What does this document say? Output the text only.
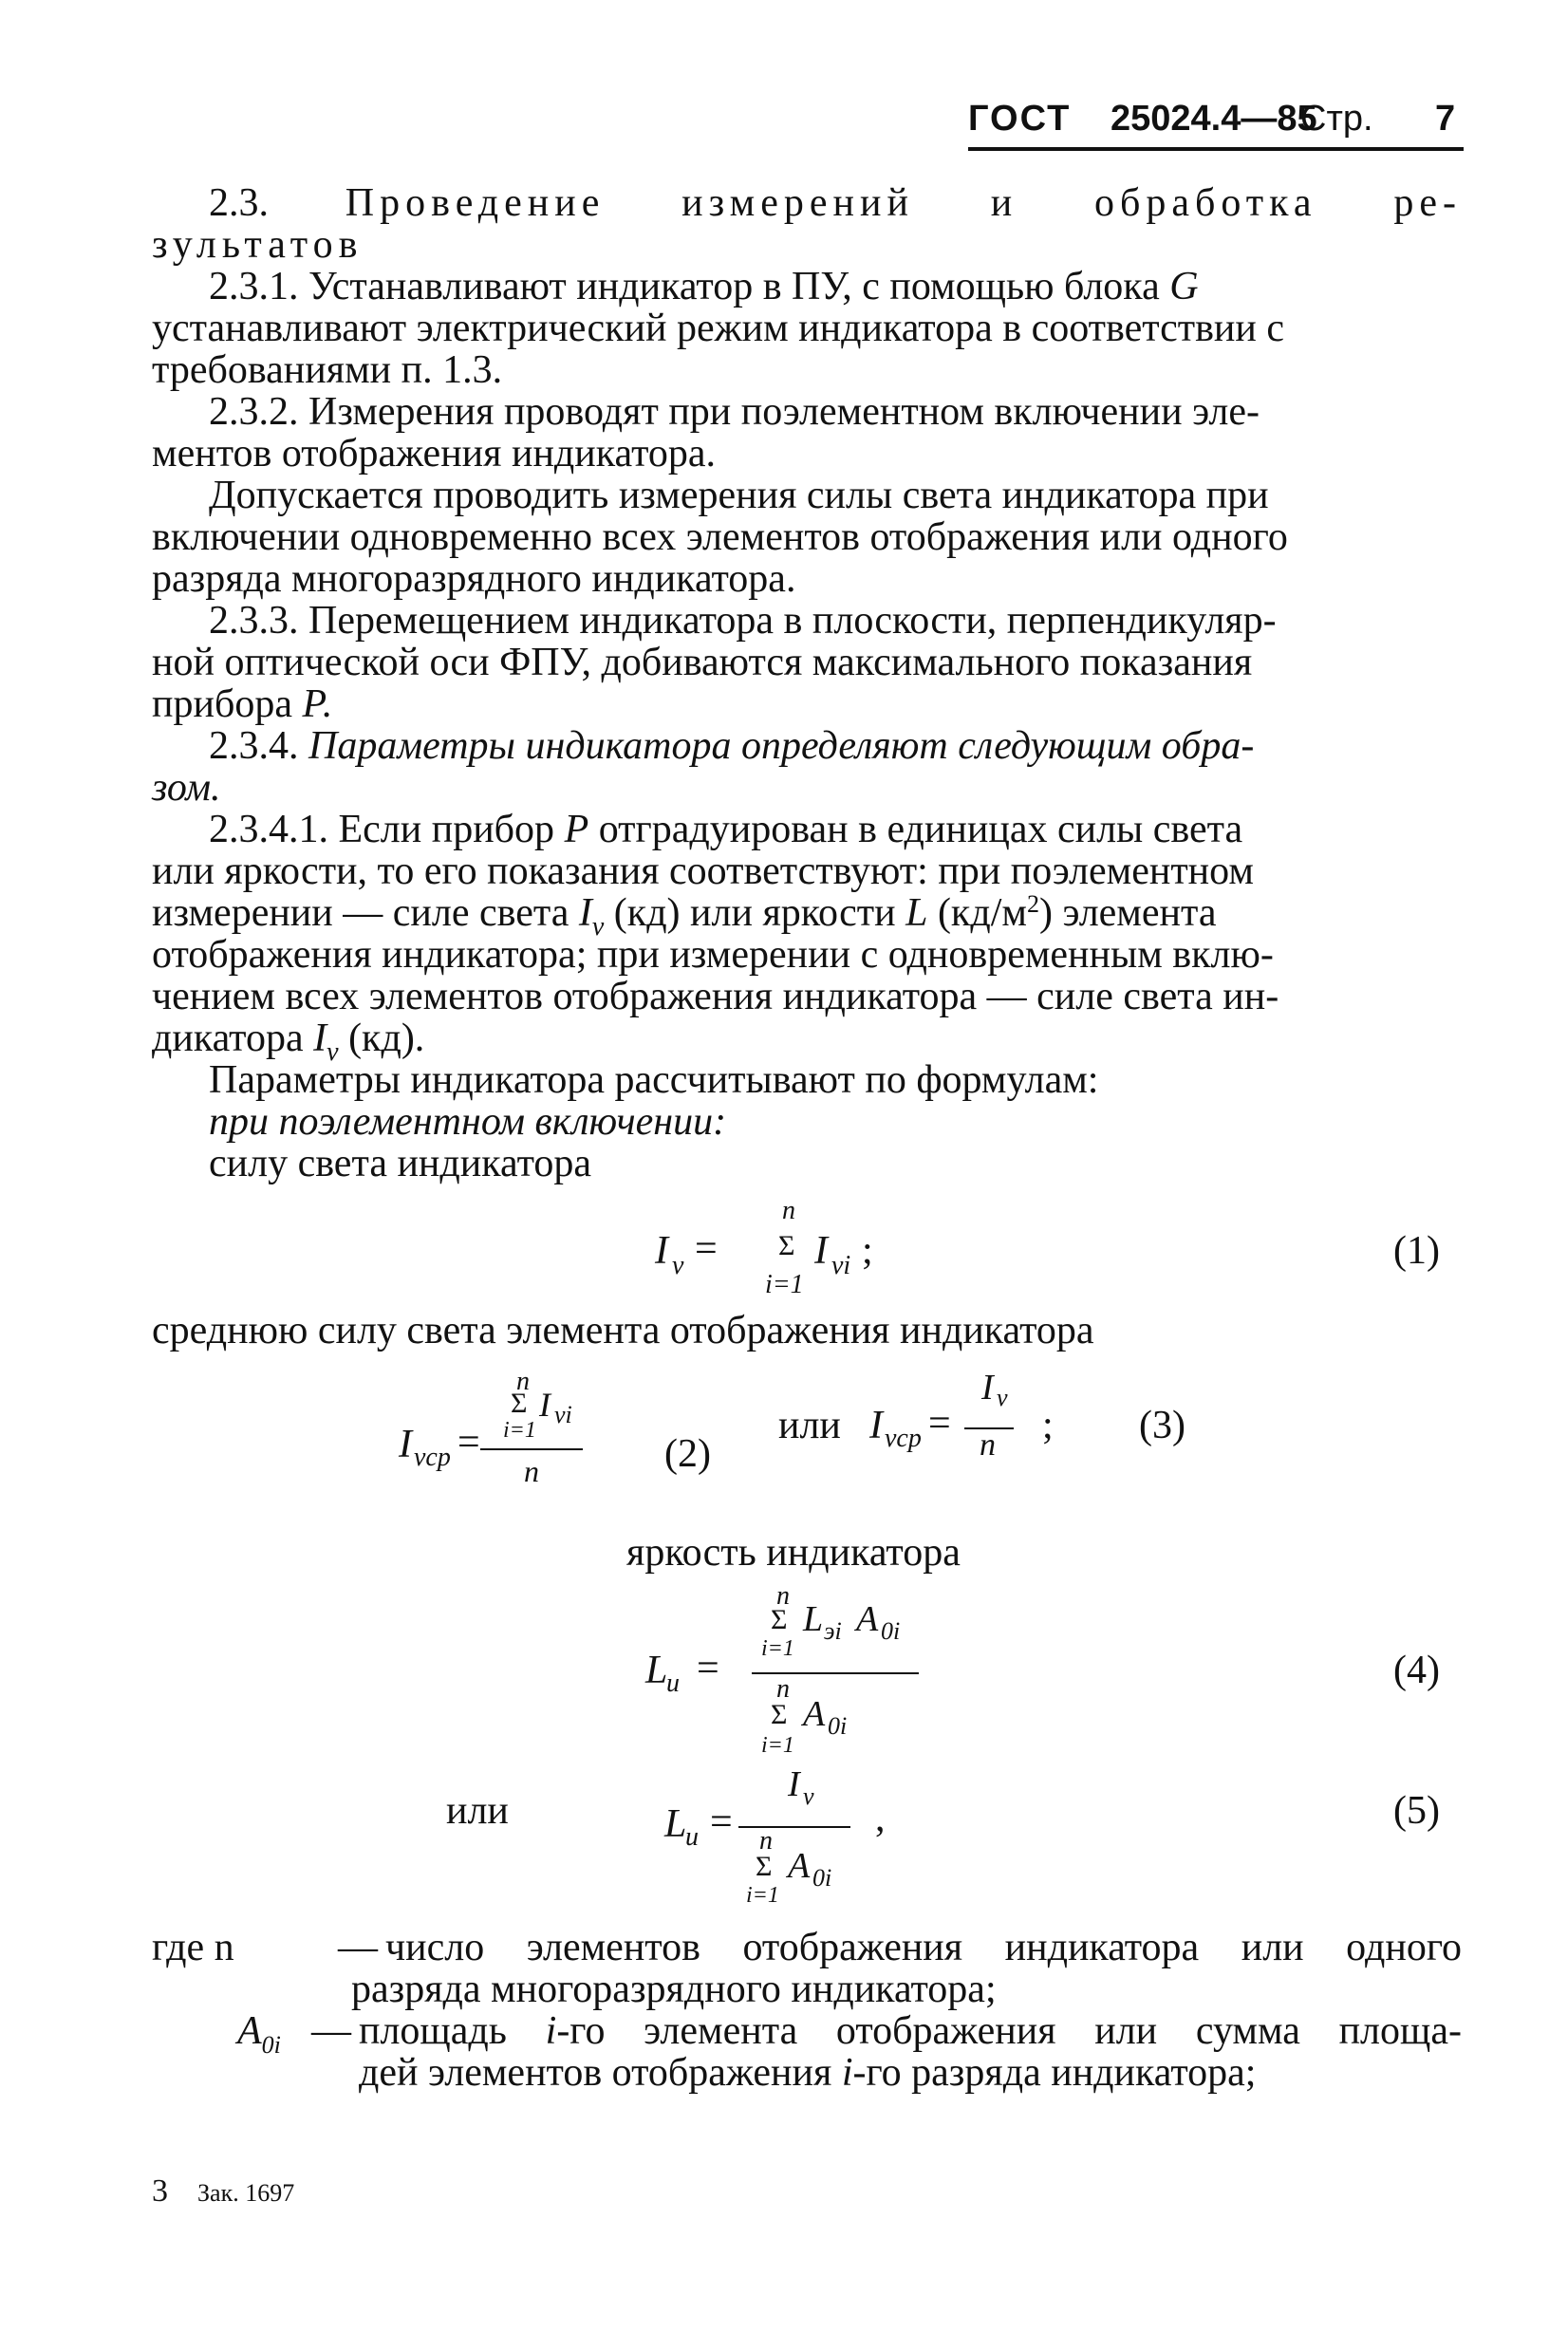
ГОСТ 25024.4—85
Стр. 7
2.3. Проведение измерений и обработка ре-
зультатов
2.3.1. Устанавливают индикатор в ПУ, с помощью блока G
устанавливают электрический режим индикатора в соответствии с
требованиями п. 1.3.
2.3.2. Измерения проводят при поэлементном включении эле-
ментов отображения индикатора.
Допускается проводить измерения силы света индикатора при
включении одновременно всех элементов отображения или одного
разряда многоразрядного индикатора.
2.3.3. Перемещением индикатора в плоскости, перпендикуляр-
ной оптической оси ФПУ, добиваются максимального показания
прибора Р.
2.3.4. Параметры индикатора определяют следующим обра-
зом.
2.3.4.1. Если прибор Р отградуирован в единицах силы света
или яркости, то его показания соответствуют: при поэлементном
измерении — силе света $I_v$ (кд) или яркости L $(кд/м^2)$ элемента
отображения индикатора; при измерении с одновременным вклю-
чением всех элементов отображения индикатора — силе света ин-
дикатора $I_v$ (кд).
Параметры индикатора рассчитывают по формулам:
при поэлементном включении:
силу света индикатора
n
I v = Σ I vi ;
i=1
(1)
среднюю силу света элемента отображения индикатора
n
Σ I vi
i=1
I vср =
n	(2)
или I vср =
I v
n ; (3)
яркость индикатора
n
Σ L эi A 0i
i=1
L
и = n
Σ A 0i
i=1
(4)
или
I v
L
и =	,
n
Σ A 0i
i=1
(5)
где n	— число элементов отображения индикатора или одного
разряда многоразрядного индикатора;
$A_{0i}$ — площадь i-го элемента отображения или сумма площа-
дей элементов отображения i-го разряда индикатора;
3 Зак. 1697
